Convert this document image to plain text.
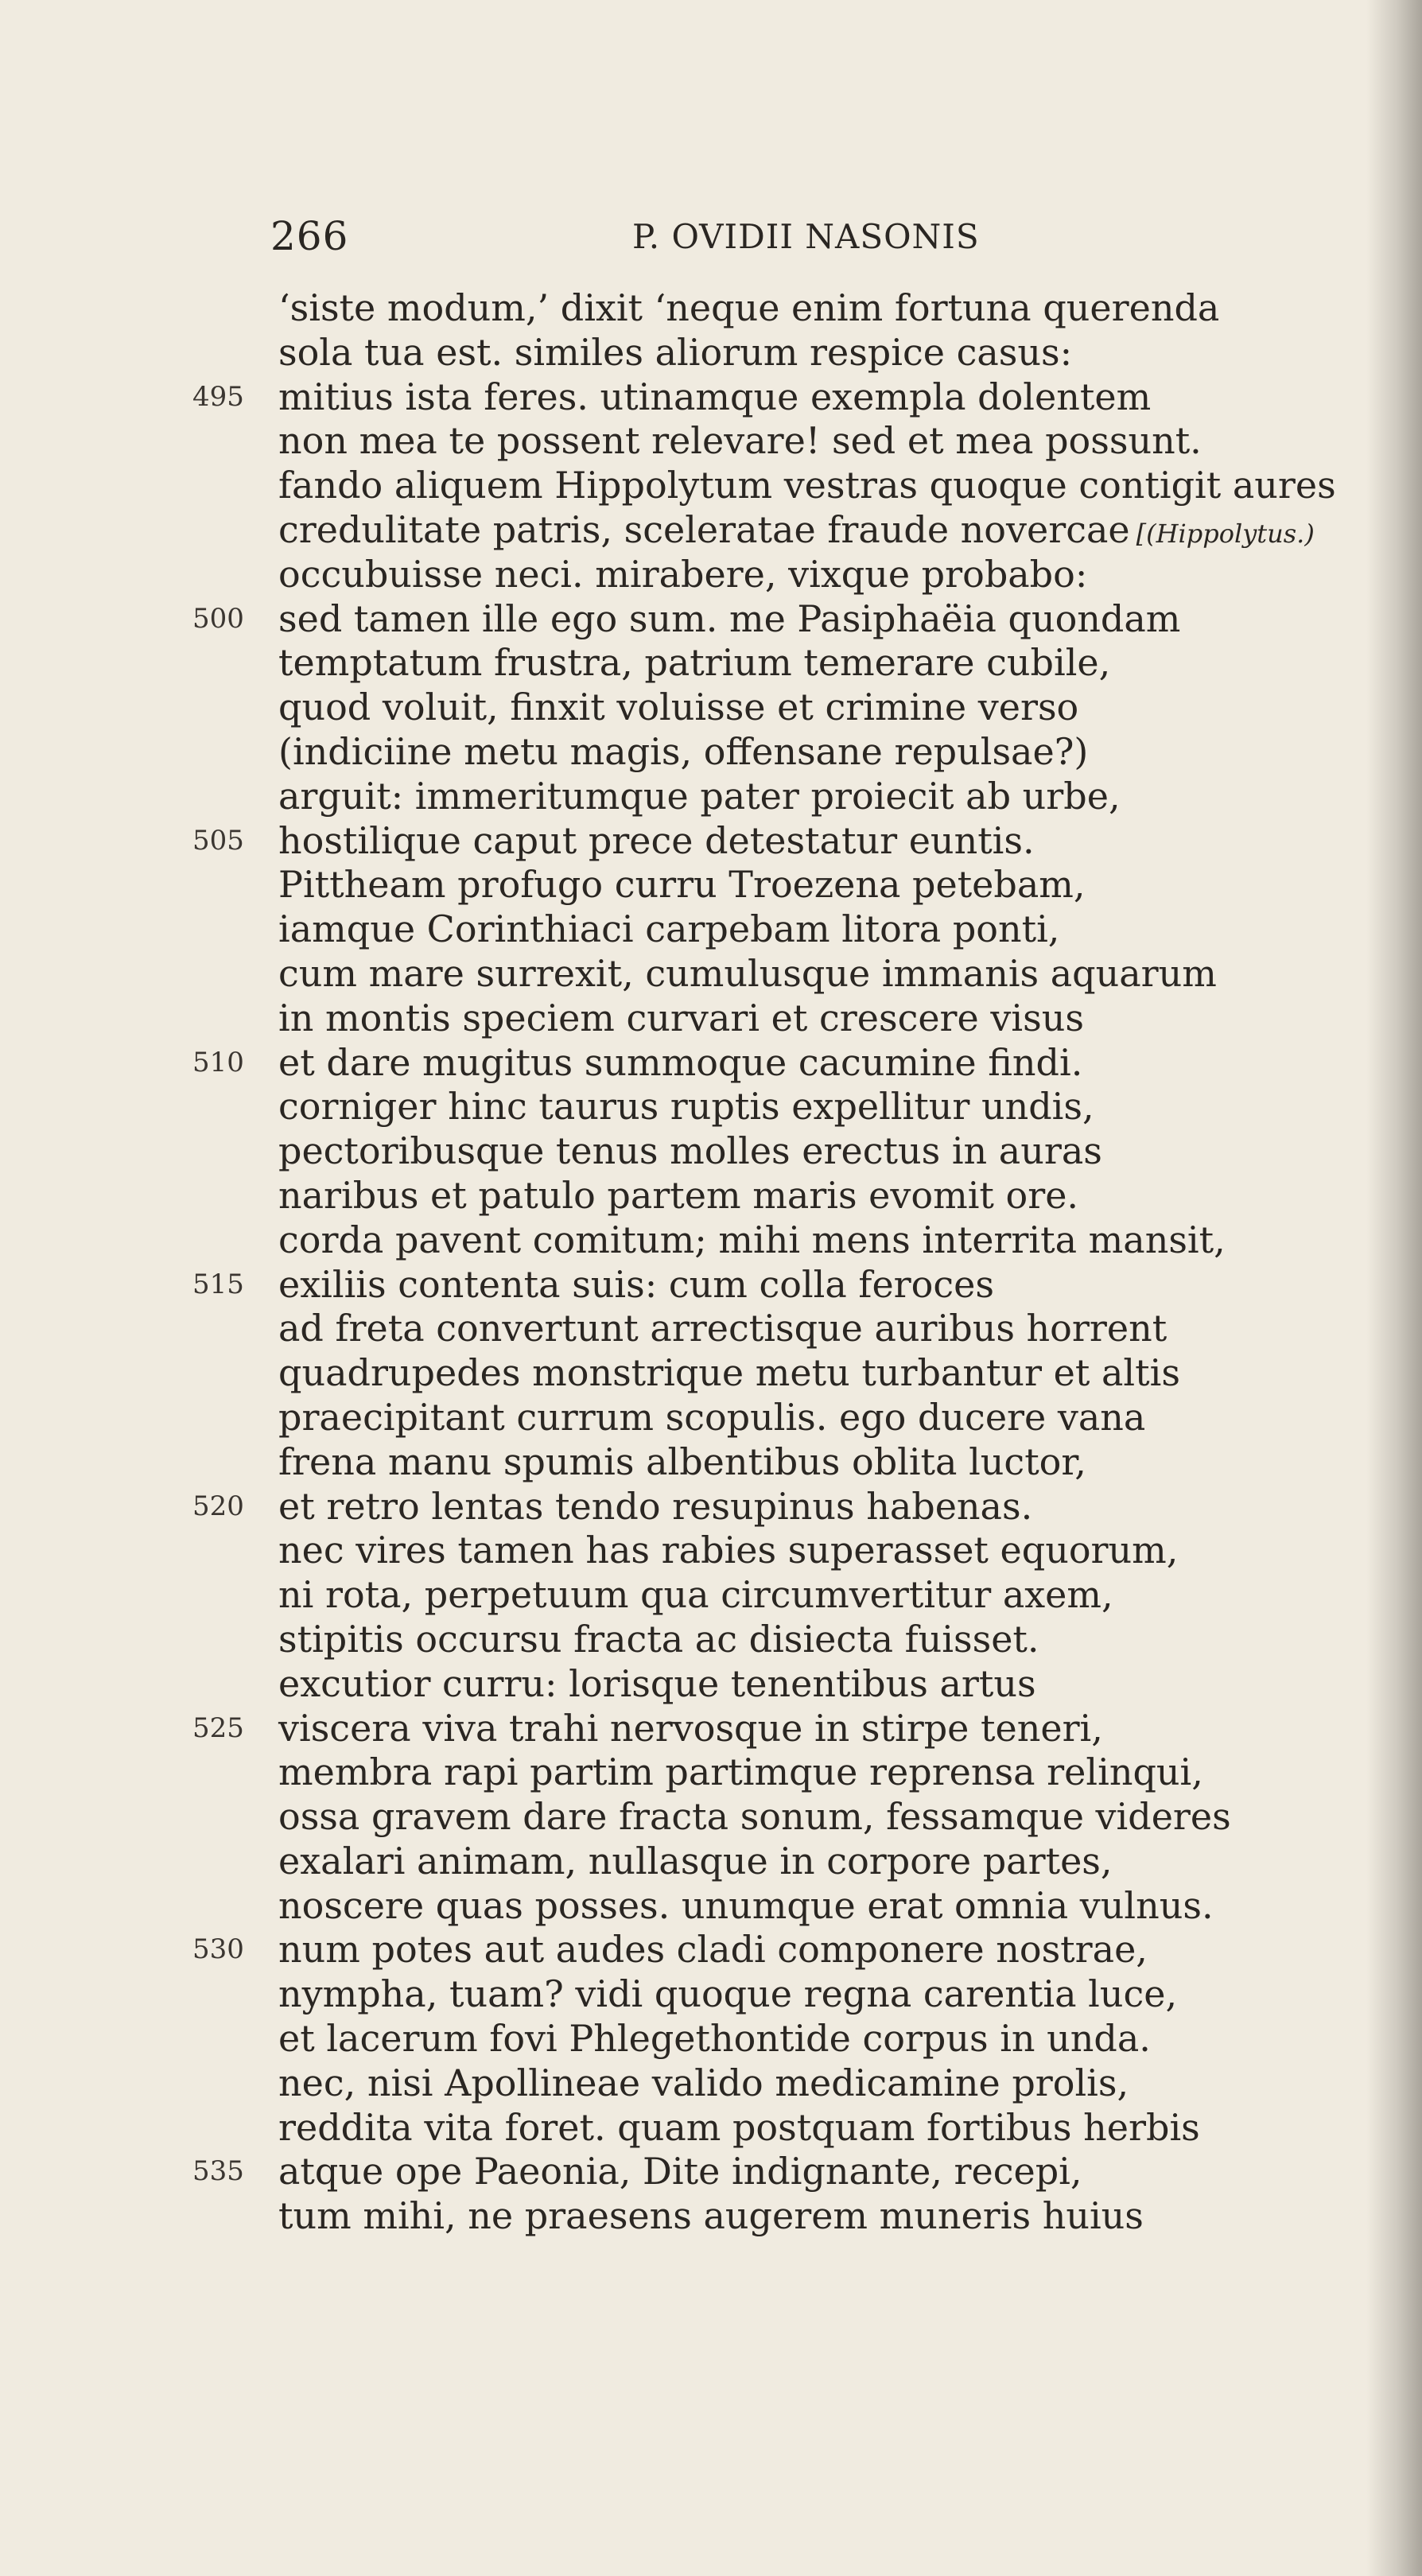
266	P. OVIDII NASONIS
‘siste modum,’ dixit ‘neque enim fortuna querenda
sola tua est. similes aliorum respice casus:
495 mitius ista feres. utinamque exempla dolentem
non mea te possent relevare! sed et mea possunt.
fando aliquem Hippolytum vestras quoque contigit aures
credulitate patris, sceleratae fraude novercae [(Hippolytus.)
occubuisse neci. mirabere, vixque probabo:
500 sed tamen ille ego sum. me Pasiphaëia quondam
temptatum frustra, patrium temerare cubile,
quod voluit, finxit voluisse et crimine verso
(indiciine metu magis, offensane repulsae?)
arguit: immeritumque pater proiecit ab urbe,
505 hostilique caput prece detestatur euntis.
Pittheam profugo curru Troezena petebam,
iamque Corinthiaci carpebam litora ponti,
cum mare surrexit, cumulusque immanis aquarum
in montis speciem curvari et crescere visus
510 et dare mugitus summoque cacumine findi.
corniger hinc taurus ruptis expellitur undis,
pectoribusque tenus molles erectus in auras
naribus et patulo partem maris evomit ore.
corda pavent comitum; mihi mens interrita mansit,
515 exiliis contenta suis: cum colla feroces
ad freta convertunt arrectisque auribus horrent
quadrupedes monstrique metu turbantur et altis
praecipitant currum scopulis. ego ducere vana
frena manu spumis albentibus oblita luctor,
520 et retro lentas tendo resupinus habenas.
nec vires tamen has rabies superasset equorum,
ni rota, perpetuum qua circumvertitur axem,
stipitis occursu fracta ac disiecta fuisset.
excutior curru: lorisque tenentibus artus
525 viscera viva trahi nervosque in stirpe teneri,
membra rapi partim partimque reprensa relinqui,
ossa gravem dare fracta sonum, fessamque videres
exalari animam, nullasque in corpore partes,
noscere quas posses. unumque erat omnia vulnus.
530 num potes aut audes cladi componere nostrae,
nympha, tuam? vidi quoque regna carentia luce,
et lacerum fovi Phlegethontide corpus in unda.
nec, nisi Apollineae valido medicamine prolis,
reddita vita foret. quam postquam fortibus herbis
535 atque ope Paeonia, Dite indignante, recepi,
tum mihi, ne praesens augerem muneris huius
